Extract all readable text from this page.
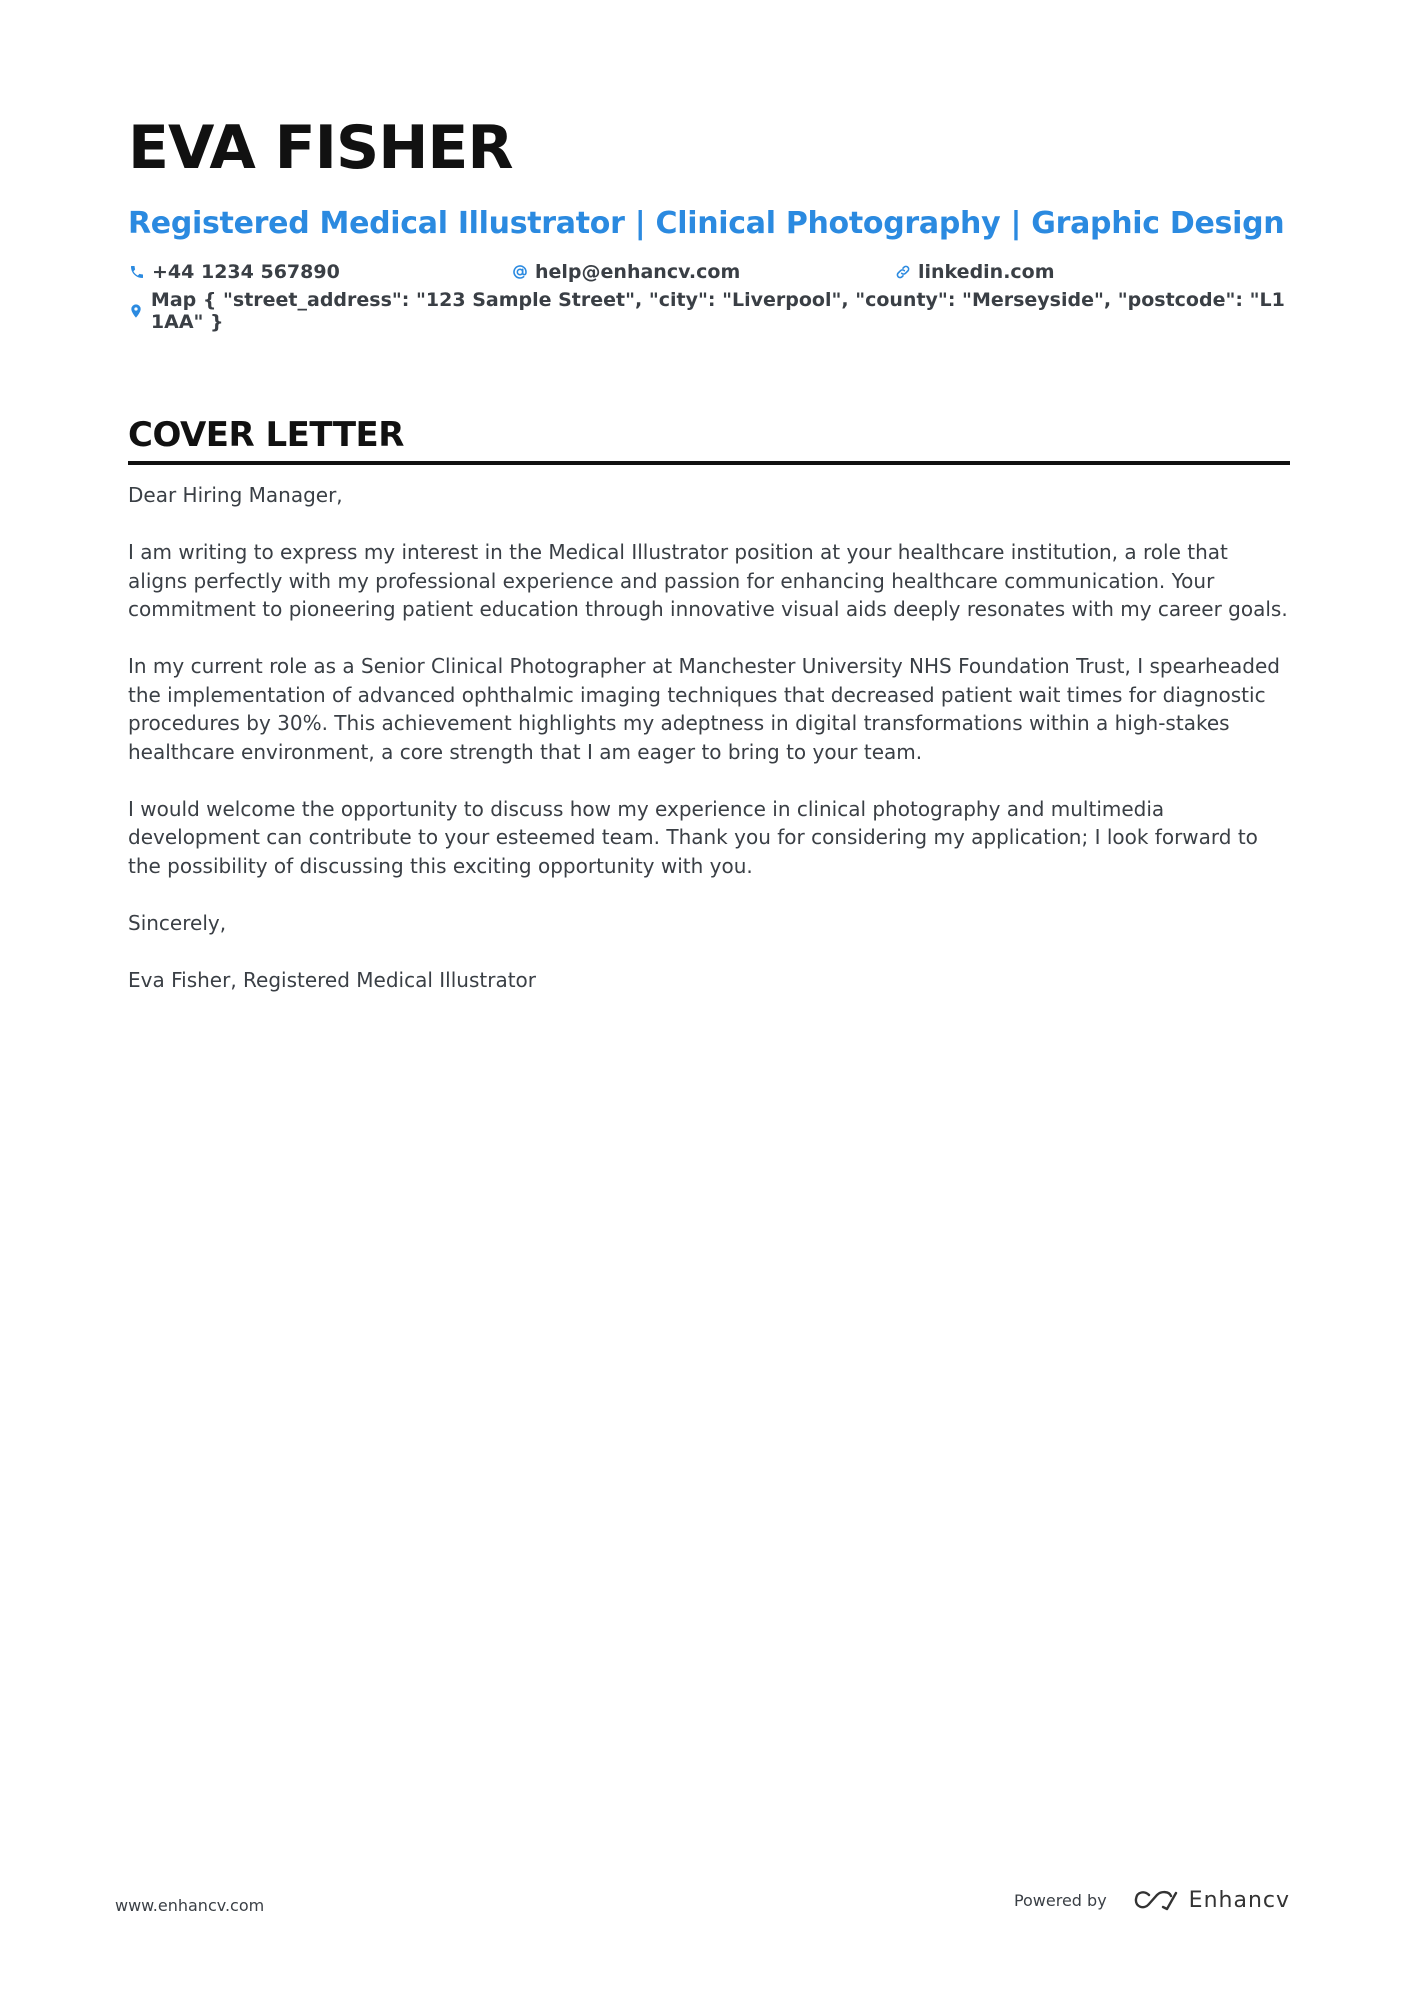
EVA FISHER
Registered Medical Illustrator | Clinical Photography | Graphic Design
+44 1234 567890	help@enhancv.com	linkedin.com
Map { "street_address": "123 Sample Street", "city": "Liverpool", "county": "Merseyside", "postcode": "L1 1AA" }
COVER LETTER

Dear Hiring Manager,

I am writing to express my interest in the Medical Illustrator position at your healthcare institution, a role that aligns perfectly with my professional experience and passion for enhancing healthcare communication. Your commitment to pioneering patient education through innovative visual aids deeply resonates with my career goals.

In my current role as a Senior Clinical Photographer at Manchester University NHS Foundation Trust, I spearheaded the implementation of advanced ophthalmic imaging techniques that decreased patient wait times for diagnostic procedures by 30%. This achievement highlights my adeptness in digital transformations within a high-stakes healthcare environment, a core strength that I am eager to bring to your team.

I would welcome the opportunity to discuss how my experience in clinical photography and multimedia development can contribute to your esteemed team. Thank you for considering my application; I look forward to the possibility of discussing this exciting opportunity with you.

Sincerely,

Eva Fisher, Registered Medical Illustrator

www.enhancv.com	Powered by	Enhancv
